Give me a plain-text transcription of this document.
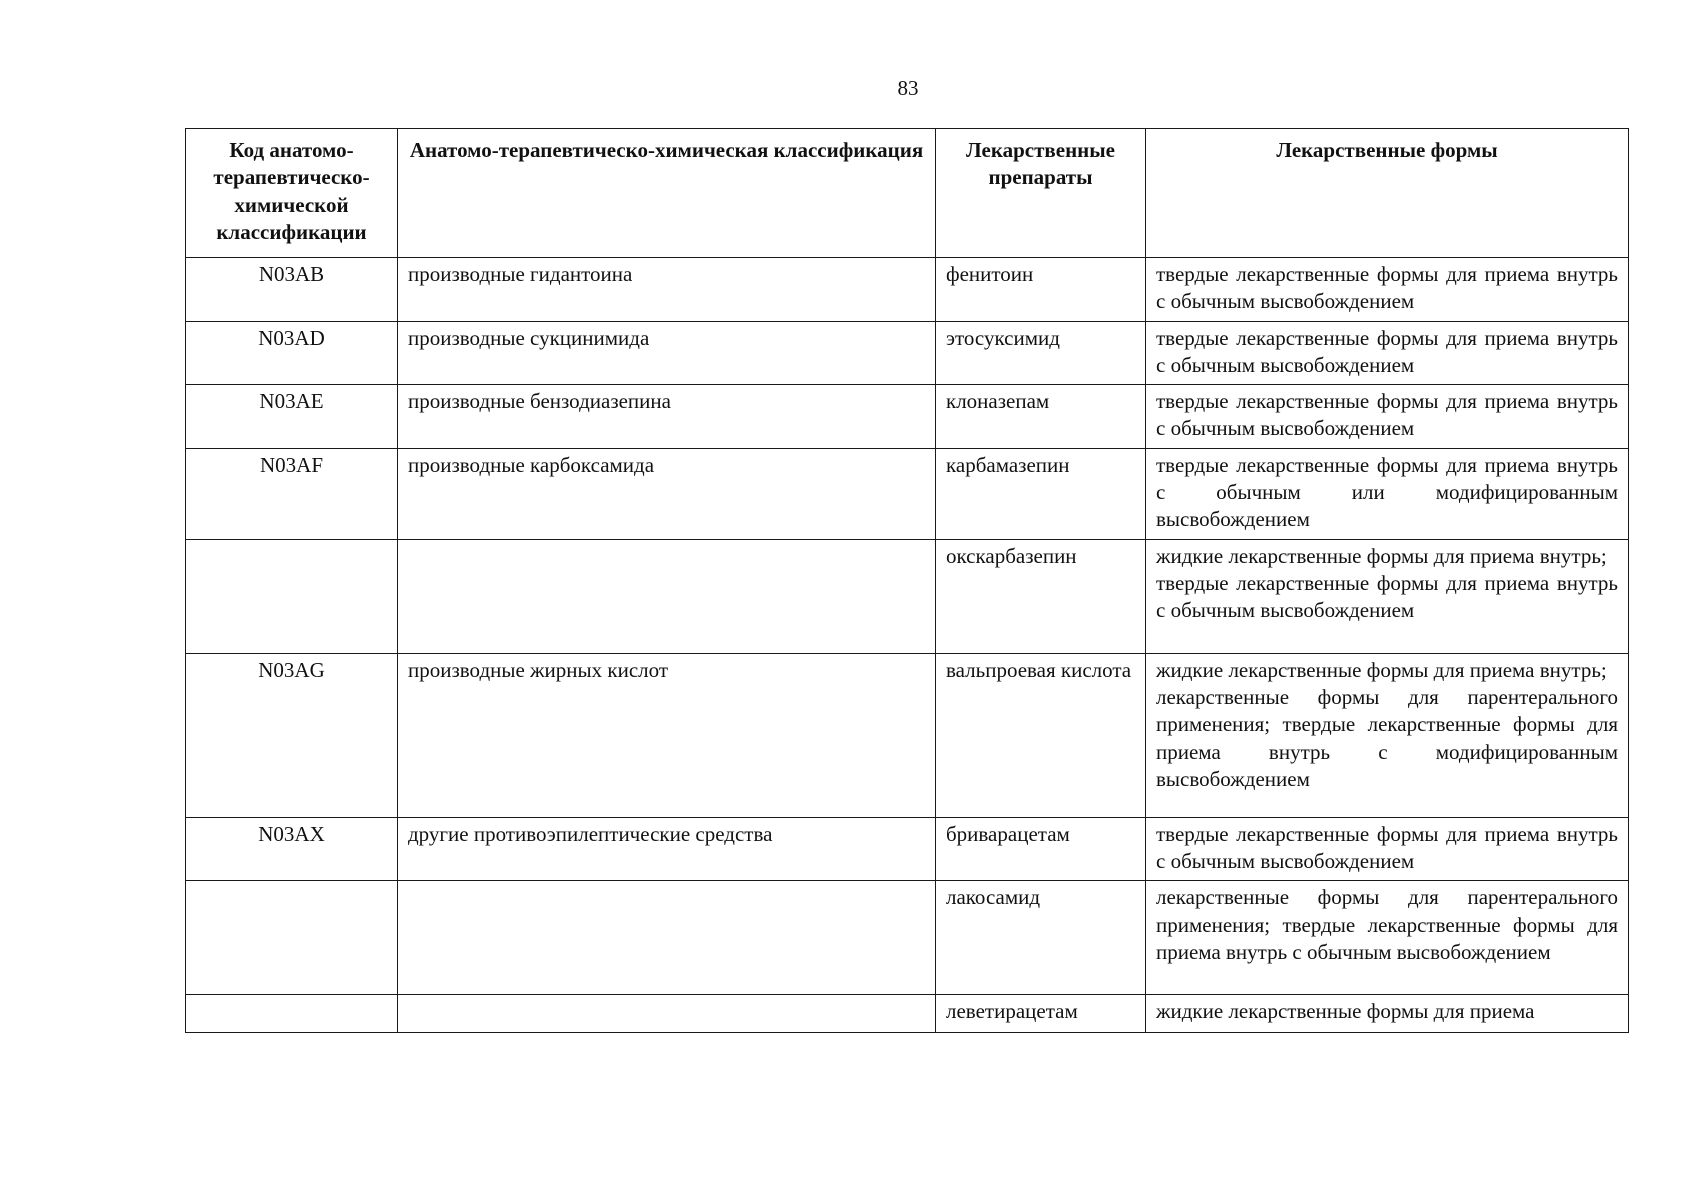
83
Код анатомо-терапевтическо-химической классификации	Анатомо-терапевтическо-химическая классификация	Лекарственные препараты	Лекарственные формы
N03AB	производные гидантоина	фенитоин	твердые лекарственные формы для приема внутрь с обычным высвобождением

N03AD	производные сукцинимида	этосуксимид	твердые лекарственные формы для приема внутрь с обычным высвобождением

N03AE	производные бензодиазепина	клоназепам	твердые лекарственные формы для приема внутрь с обычным высвобождением

N03AF	производные карбоксамида	карбамазепин	твердые лекарственные формы для приема внутрь с обычным или модифицированным высвобождением

		окскарбазепин	жидкие лекарственные формы для приема внутрь;
твердые лекарственные формы для приема внутрь с обычным высвобождением

N03AG	производные жирных кислот	вальпроевая кислота	жидкие лекарственные формы для приема внутрь;
лекарственные формы для парентерального применения; твердые лекарственные формы для приема внутрь с модифицированным высвобождением

N03AX	другие противоэпилептические средства	бриварацетам	твердые лекарственные формы для приема внутрь с обычным высвобождением

		лакосамид	лекарственные формы для парентерального применения; твердые лекарственные формы для приема внутрь с обычным высвобождением

		леветирацетам	жидкие лекарственные формы для приема
